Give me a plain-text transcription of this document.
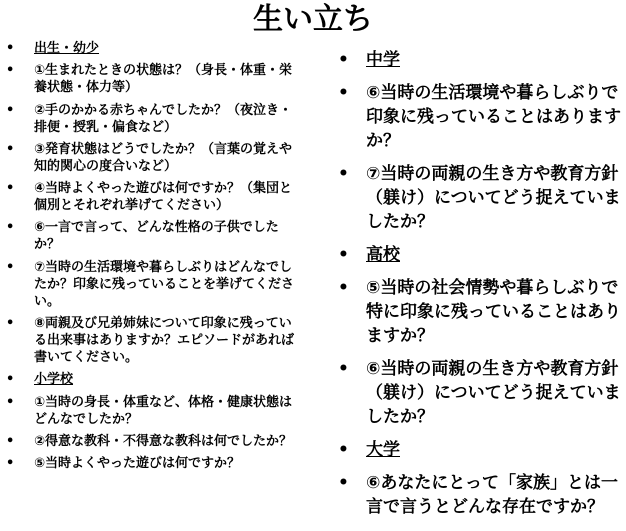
生い立ち
• 出生・幼少
• ①生まれたときの状態は？（身長・体重・栄養状態・体力等）
• ②手のかかる赤ちゃんでしたか？（夜泣き・排便・授乳・偏食など）
• ③発育状態はどうでしたか？（言葉の覚えや知的関心の度合いなど）
• ④当時よくやった遊びは何ですか？（集団と個別とそれぞれ挙げてください）
• ⑥一言で言って、どんな性格の子供でしたか？
• ⑦当時の生活環境や暮らしぶりはどんなでしたか？印象に残っていることを挙げてください。
• ⑧両親及び兄弟姉妹について印象に残っている出来事はありますか？エピソードがあれば書いてください。
• 小学校
• ①当時の身長・体重など、体格・健康状態はどんなでしたか？
• ②得意な教科・不得意な教科は何でしたか？
• ⑤当時よくやった遊びは何ですか？
• 中学
• ⑥当時の生活環境や暮らしぶりで印象に残っていることはありますか？
• ⑦当時の両親の生き方や教育方針（躾け）についてどう捉えていましたか？
• 高校
• ⑤当時の社会情勢や暮らしぶりで特に印象に残っていることはありますか？
• ⑥当時の両親の生き方や教育方針（躾け）についてどう捉えていましたか？
• 大学
• ⑥あなたにとって「家族」とは一言で言うとどんな存在ですか？
